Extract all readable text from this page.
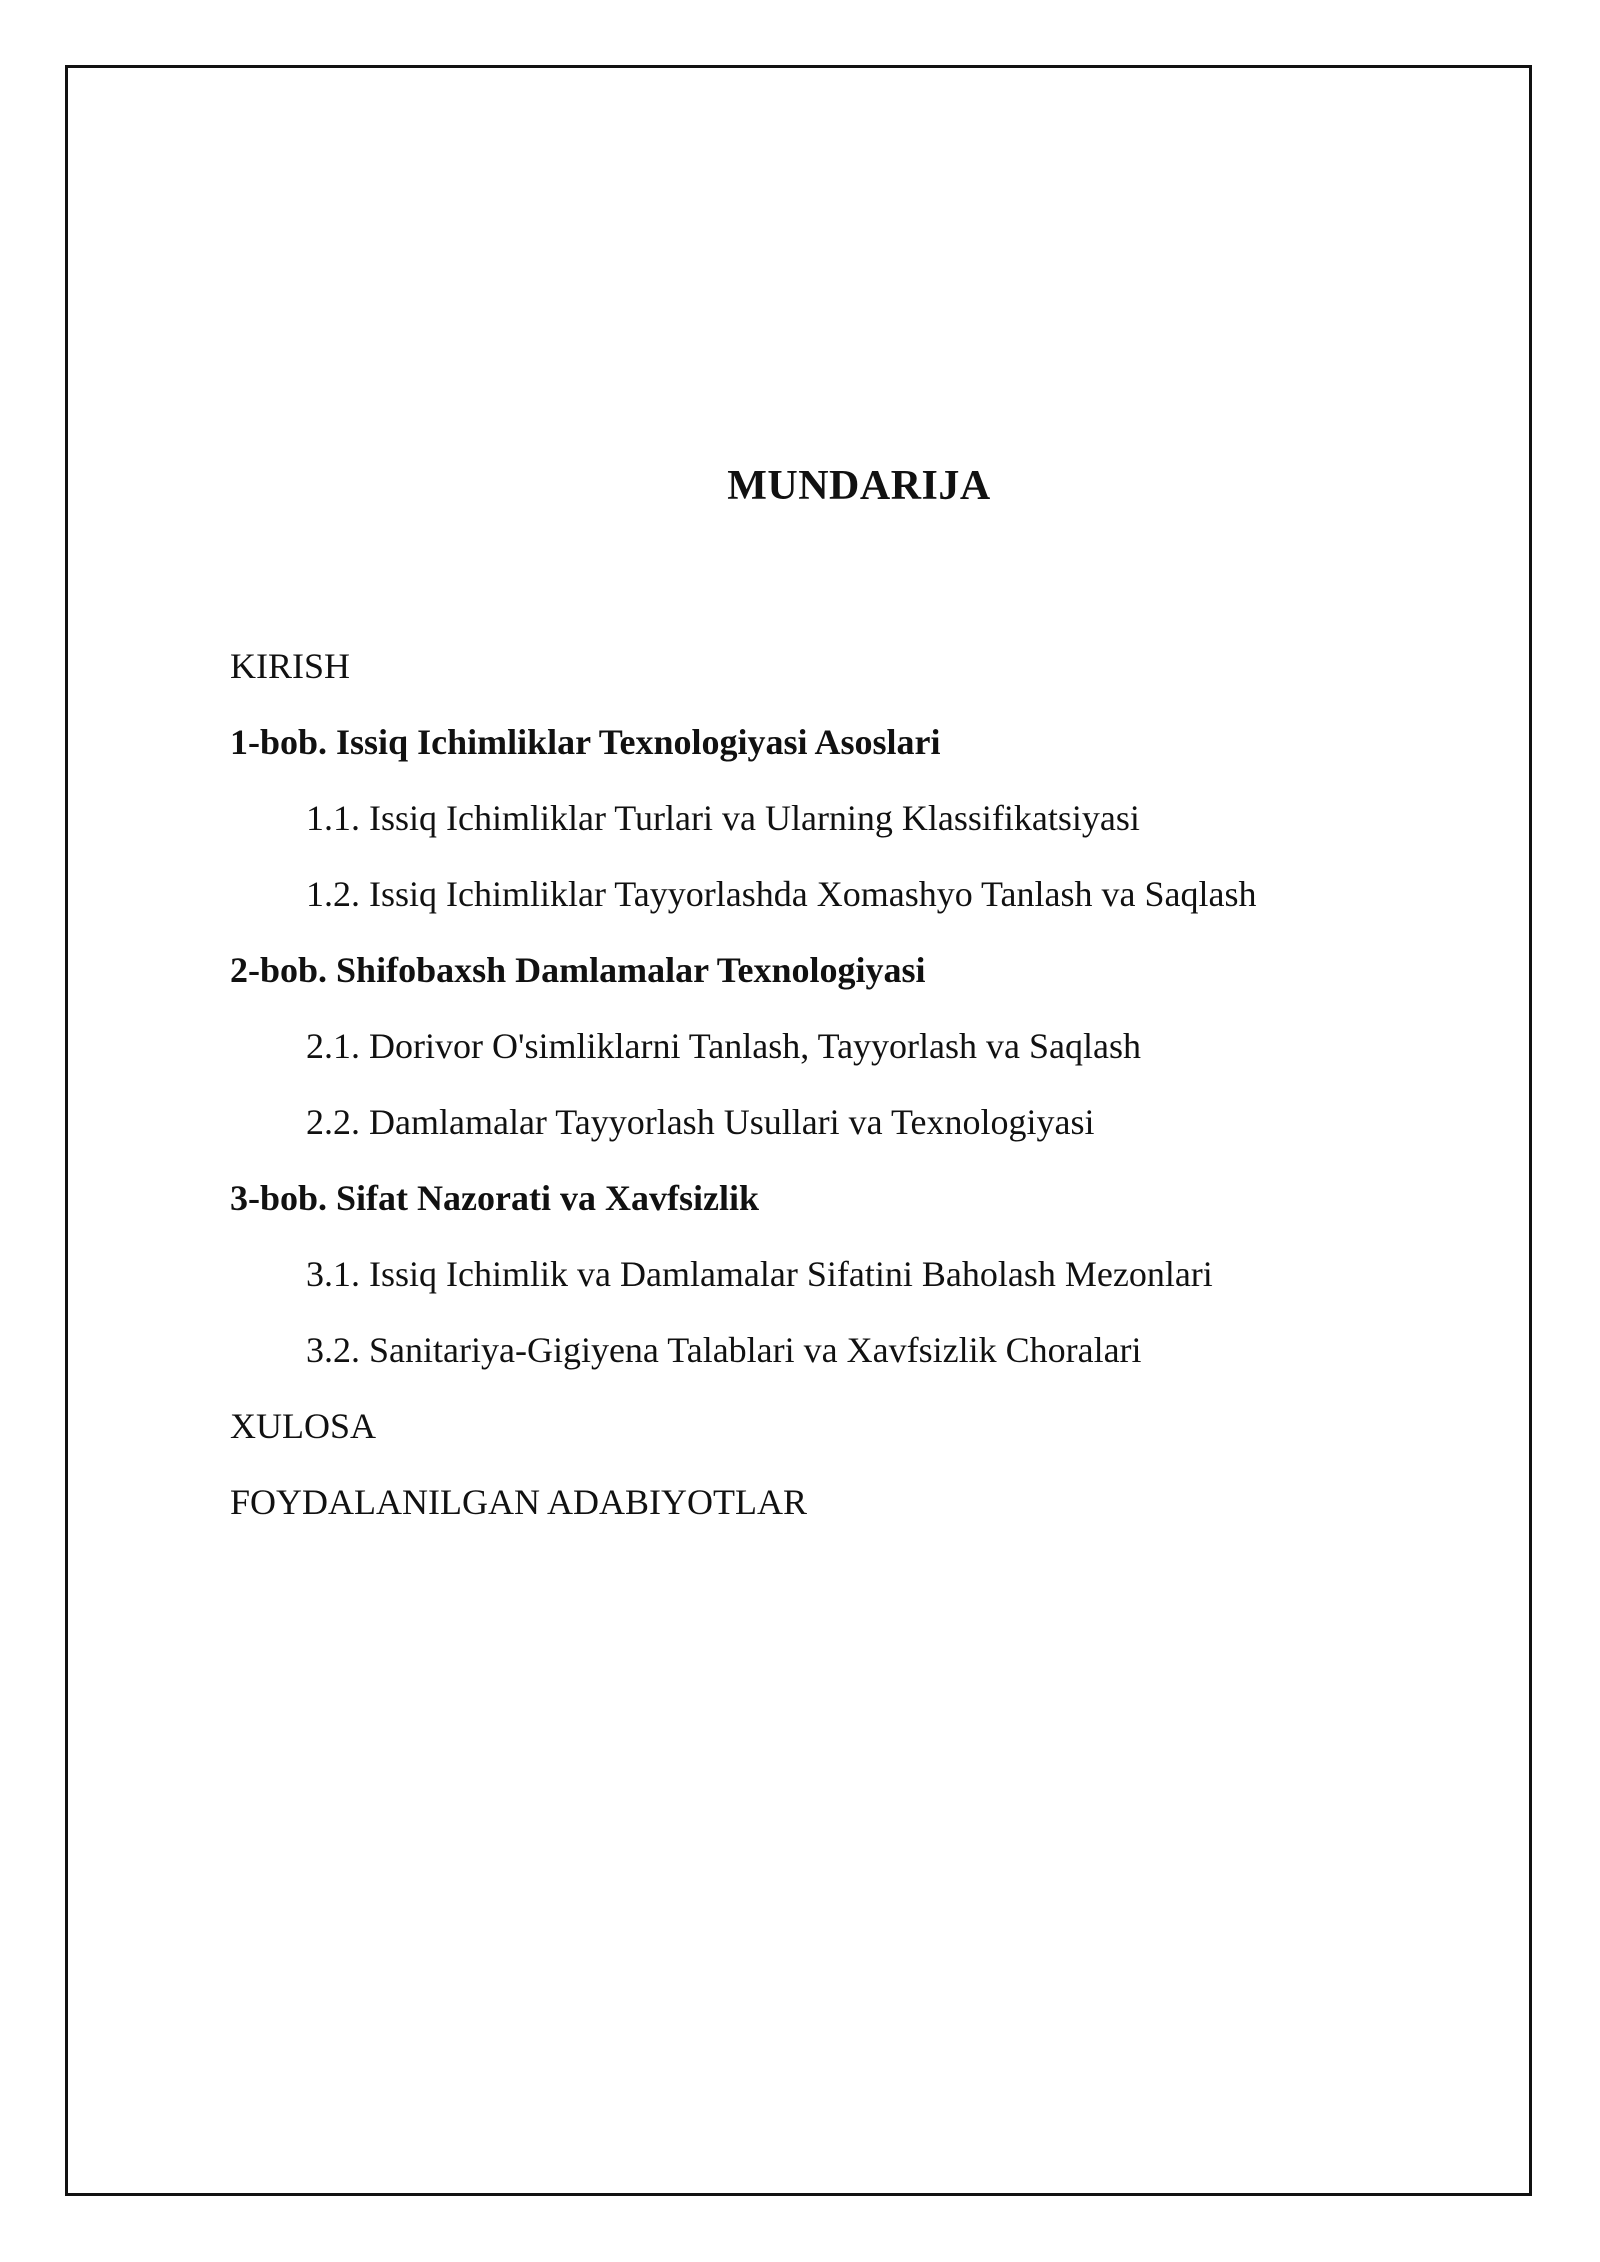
MUNDARIJA
KIRISH
1-bob. Issiq Ichimliklar Texnologiyasi Asoslari
1.1. Issiq Ichimliklar Turlari va Ularning Klassifikatsiyasi
1.2. Issiq Ichimliklar Tayyorlashda Xomashyo Tanlash va Saqlash
2-bob. Shifobaxsh Damlamalar Texnologiyasi
2.1. Dorivor O'simliklarni Tanlash, Tayyorlash va Saqlash
2.2. Damlamalar Tayyorlash Usullari va Texnologiyasi
3-bob. Sifat Nazorati va Xavfsizlik
3.1. Issiq Ichimlik va Damlamalar Sifatini Baholash Mezonlari
3.2. Sanitariya-Gigiyena Talablari va Xavfsizlik Choralari
XULOSA
FOYDALANILGAN ADABIYOTLAR
